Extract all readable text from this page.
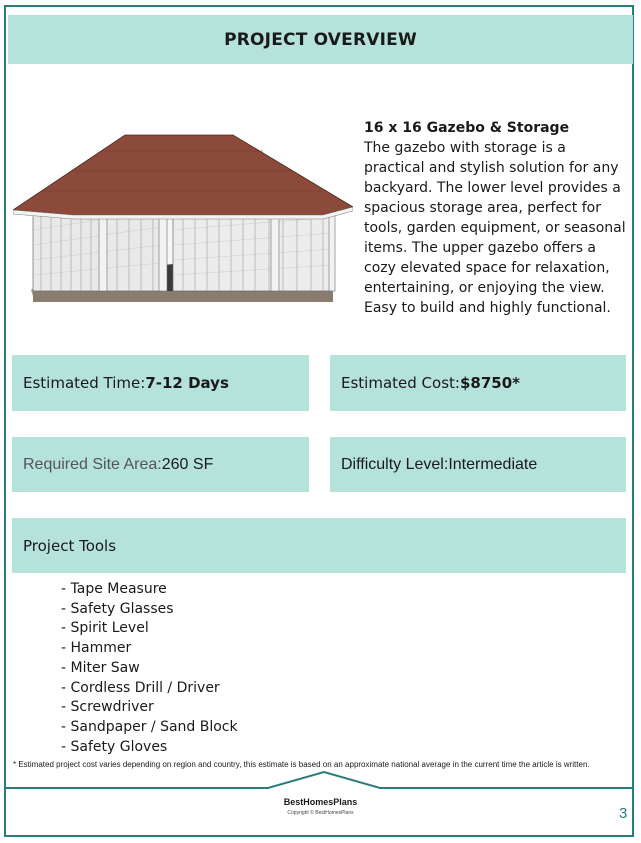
PROJECT OVERVIEW
16 x 16 Gazebo & Storage
The gazebo with storage is a practical and stylish solution for any backyard. The lower level provides a spacious storage area, perfect for tools, garden equipment, or seasonal items. The upper gazebo offers a cozy elevated space for relaxation, entertaining, or enjoying the view. Easy to build and highly functional.
Estimated Time: 7-12 Days	Estimated Cost: $8750*
Required Site Area: 260 SF	Difficulty Level: Intermediate
Project Tools
- Tape Measure
- Safety Glasses
- Spirit Level
- Hammer
- Miter Saw
- Cordless Drill / Driver
- Screwdriver
- Sandpaper / Sand Block
- Safety Gloves
* Estimated project cost varies depending on region and country, this estimate is based on an approximate national average in the current time the article is written.
BestHomesPlans
Copyright © BestHomesPlans	3
